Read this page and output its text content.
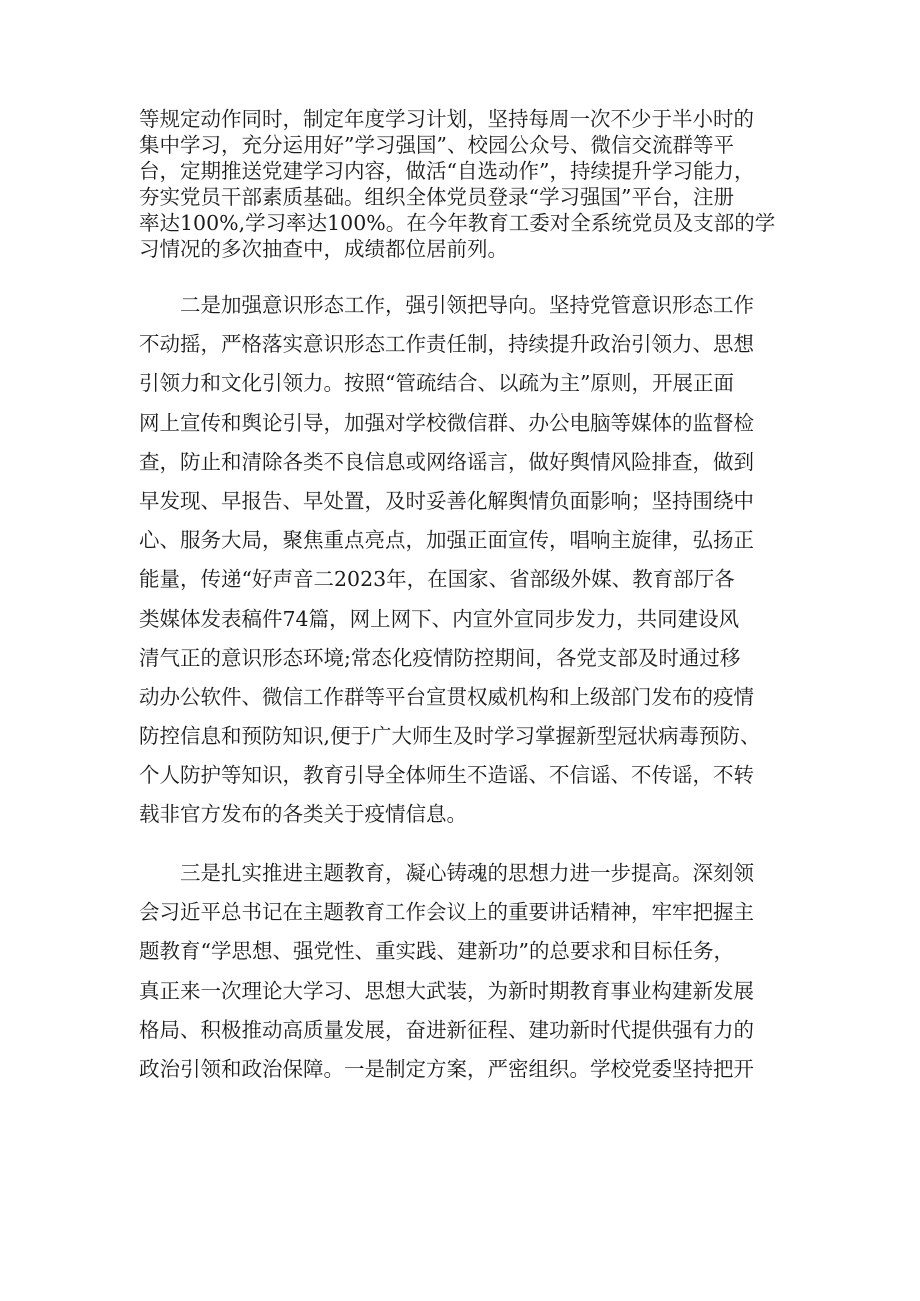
等规定动作同时，制定年度学习计划，坚持每周一次不少于半小时的
集中学习，充分运用好”学习强国”、校园公众号、微信交流群等平
台，定期推送党建学习内容，做活“自选动作”，持续提升学习能力，
夯实党员干部素质基础。组织全体党员登录“学习强国”平台，注册
率达100%,学习率达100%。在今年教育工委对全系统党员及支部的学
习情况的多次抽查中，成绩都位居前列。
二是加强意识形态工作，强引领把导向。坚持党管意识形态工作
不动摇，严格落实意识形态工作责任制，持续提升政治引领力、思想
引领力和文化引领力。按照“管疏结合、以疏为主”原则，开展正面
网上宣传和舆论引导，加强对学校微信群、办公电脑等媒体的监督检
查，防止和清除各类不良信息或网络谣言，做好舆情风险排查，做到
早发现、早报告、早处置，及时妥善化解舆情负面影响；坚持围绕中
心、服务大局，聚焦重点亮点，加强正面宣传，唱响主旋律，弘扬正
能量，传递“好声音二2023年，在国家、省部级外媒、教育部厅各
类媒体发表稿件74篇，网上网下、内宣外宣同步发力，共同建设风
清气正的意识形态环境;常态化疫情防控期间，各党支部及时通过移
动办公软件、微信工作群等平台宣贯权威机构和上级部门发布的疫情
防控信息和预防知识,便于广大师生及时学习掌握新型冠状病毒预防、
个人防护等知识，教育引导全体师生不造谣、不信谣、不传谣，不转
载非官方发布的各类关于疫情信息。
三是扎实推进主题教育，凝心铸魂的思想力进一步提高。深刻领
会习近平总书记在主题教育工作会议上的重要讲话精神，牢牢把握主
题教育“学思想、强党性、重实践、建新功”的总要求和目标任务，
真正来一次理论大学习、思想大武装，为新时期教育事业构建新发展
格局、积极推动高质量发展，奋进新征程、建功新时代提供强有力的
政治引领和政治保障。一是制定方案，严密组织。学校党委坚持把开
